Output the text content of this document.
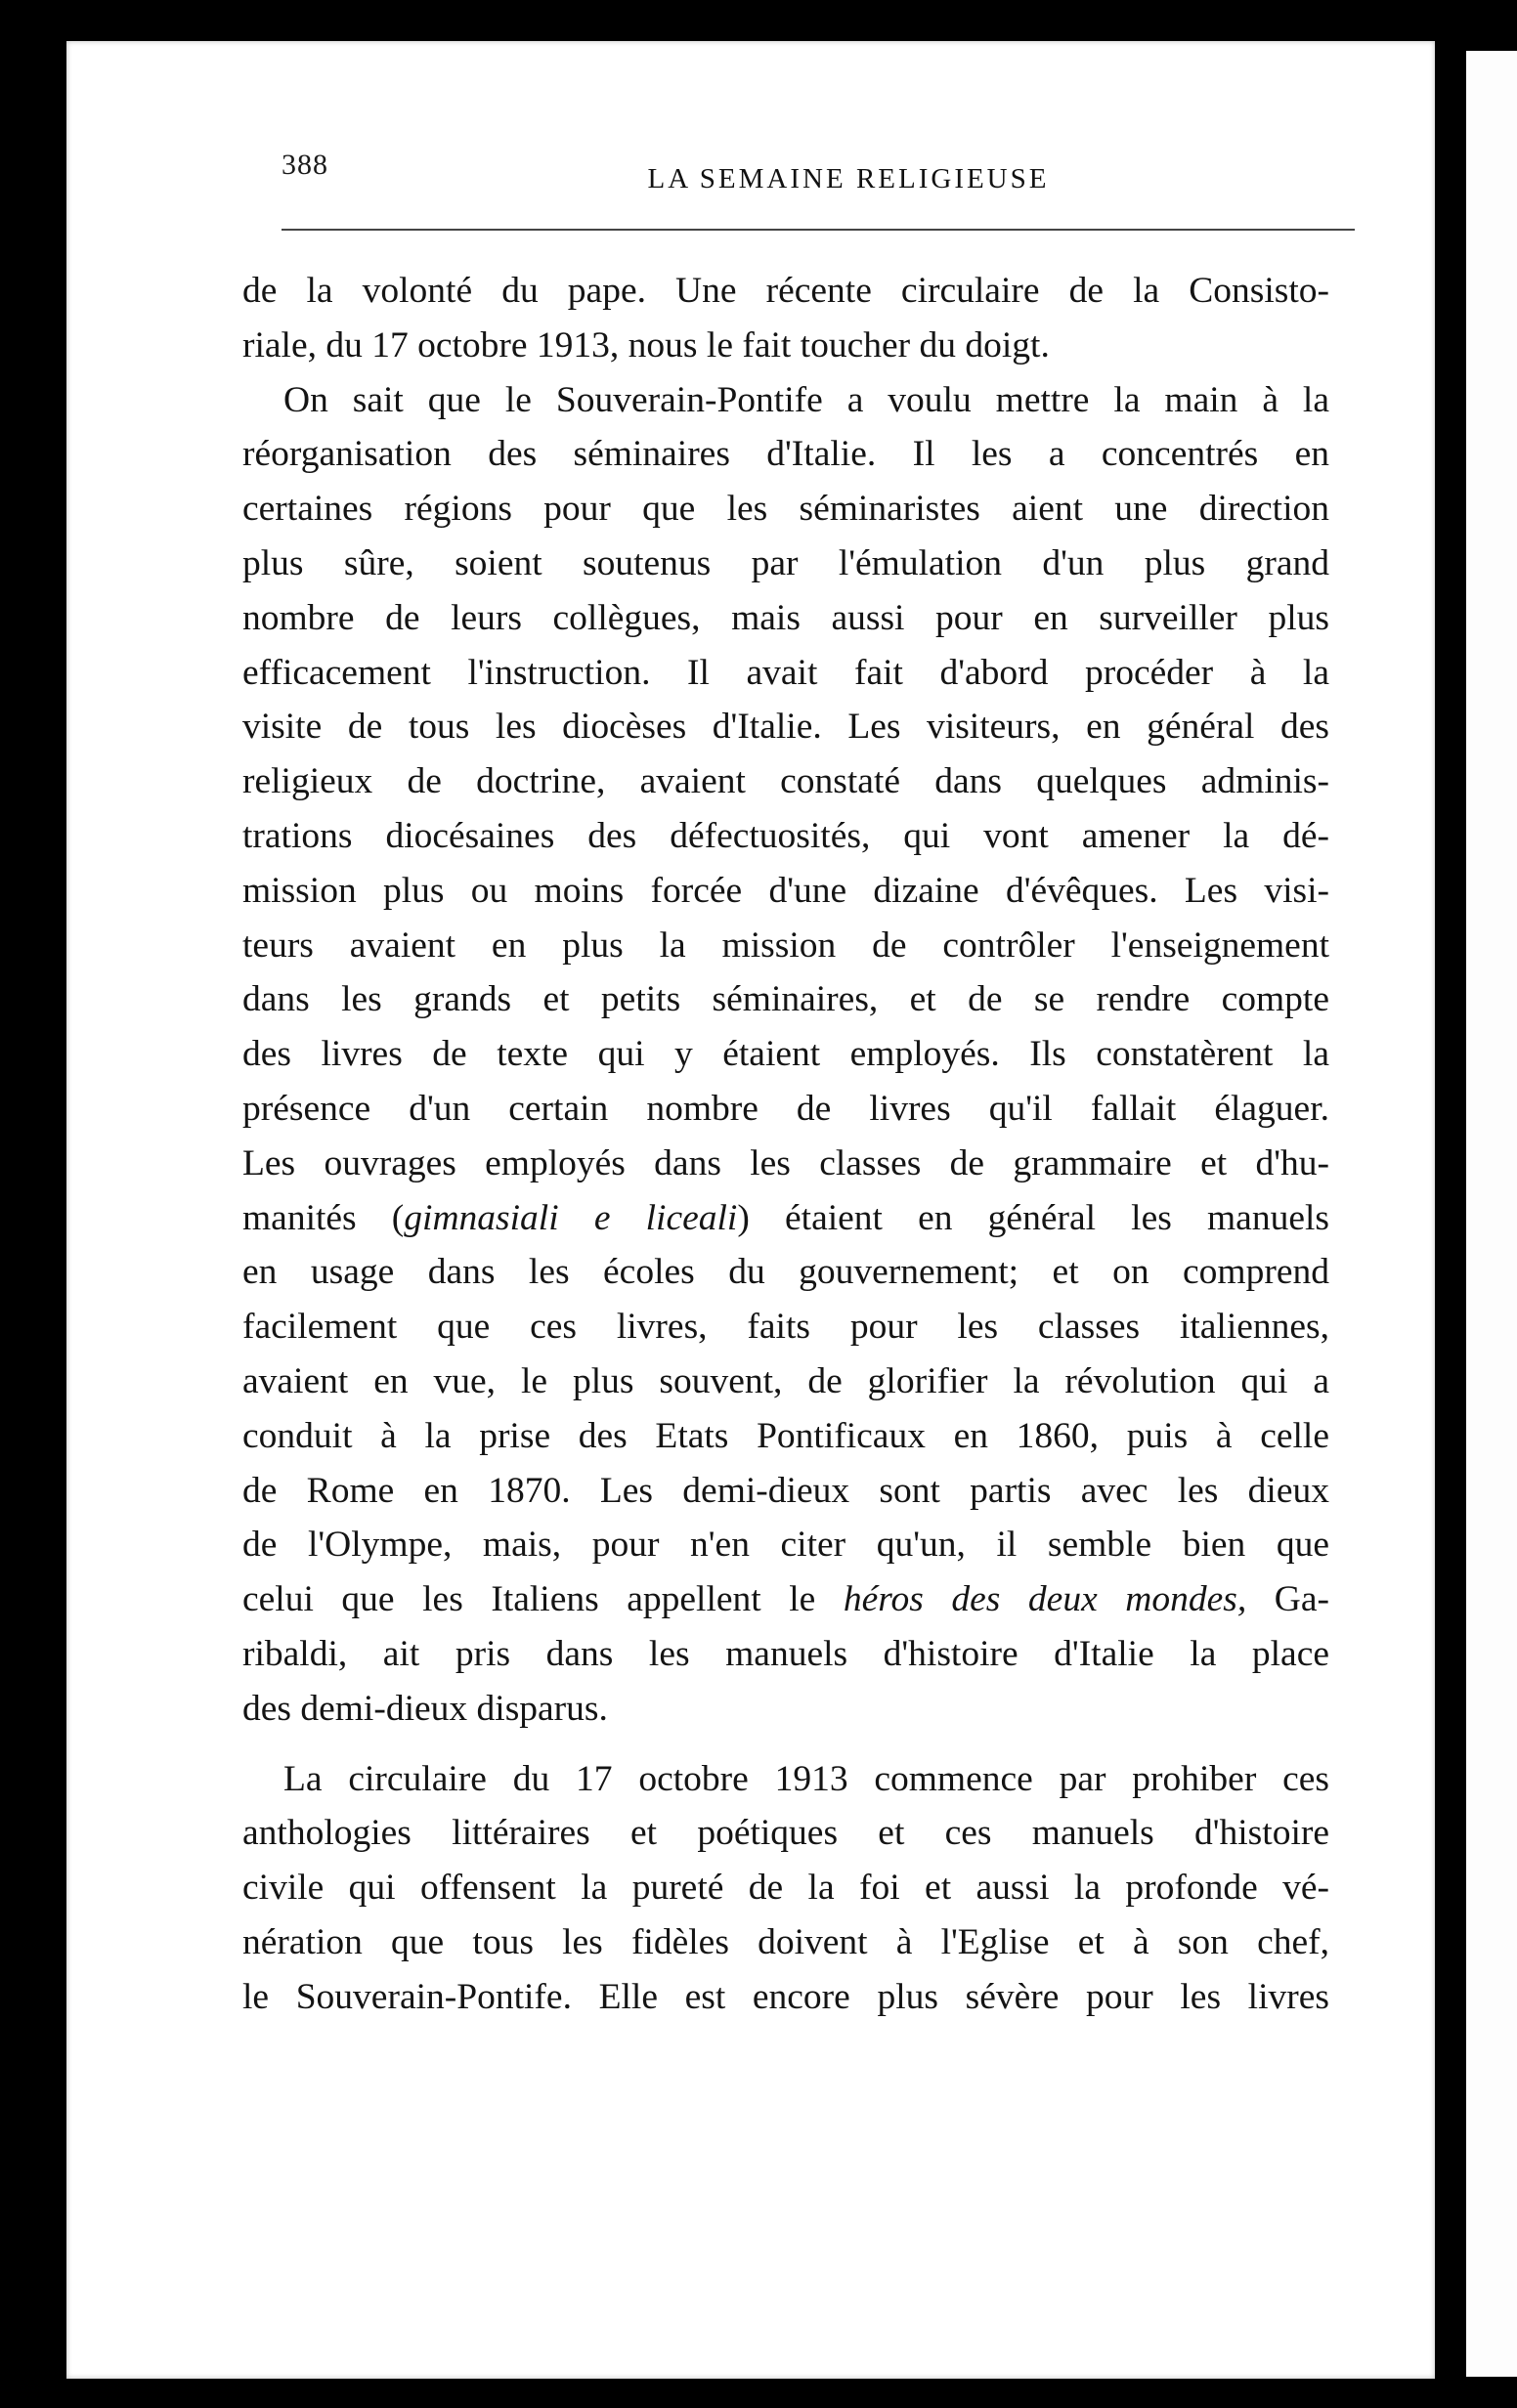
388	LA SEMAINE RELIGIEUSE

de la volonté du pape. Une récente circulaire de la Consisto-
riale, du 17 octobre 1913, nous le fait toucher du doigt.

On sait que le Souverain-Pontife a voulu mettre la main à la
réorganisation des séminaires d'Italie. Il les a concentrés en
certaines régions pour que les séminaristes aient une direction
plus sûre, soient soutenus par l'émulation d'un plus grand
nombre de leurs collègues, mais aussi pour en surveiller plus
efficacement l'instruction. Il avait fait d'abord procéder à la
visite de tous les diocèses d'Italie. Les visiteurs, en général des
religieux de doctrine, avaient constaté dans quelques adminis-
trations diocésaines des défectuosités, qui vont amener la dé-
mission plus ou moins forcée d'une dizaine d'évêques. Les visi-
teurs avaient en plus la mission de contrôler l'enseignement
dans les grands et petits séminaires, et de se rendre compte
des livres de texte qui y étaient employés. Ils constatèrent la
présence d'un certain nombre de livres qu'il fallait élaguer.
Les ouvrages employés dans les classes de grammaire et d'hu-
manités (gimnasiali e liceali) étaient en général les manuels
en usage dans les écoles du gouvernement; et on comprend
facilement que ces livres, faits pour les classes italiennes,
avaient en vue, le plus souvent, de glorifier la révolution qui a
conduit à la prise des Etats Pontificaux en 1860, puis à celle
de Rome en 1870. Les demi-dieux sont partis avec les dieux
de l'Olympe, mais, pour n'en citer qu'un, il semble bien que
celui que les Italiens appellent le héros des deux mondes, Ga-
ribaldi, ait pris dans les manuels d'histoire d'Italie la place
des demi-dieux disparus.

La circulaire du 17 octobre 1913 commence par prohiber ces
anthologies littéraires et poétiques et ces manuels d'histoire
civile qui offensent la pureté de la foi et aussi la profonde vé-
nération que tous les fidèles doivent à l'Eglise et à son chef,
le Souverain-Pontife. Elle est encore plus sévère pour les livres
